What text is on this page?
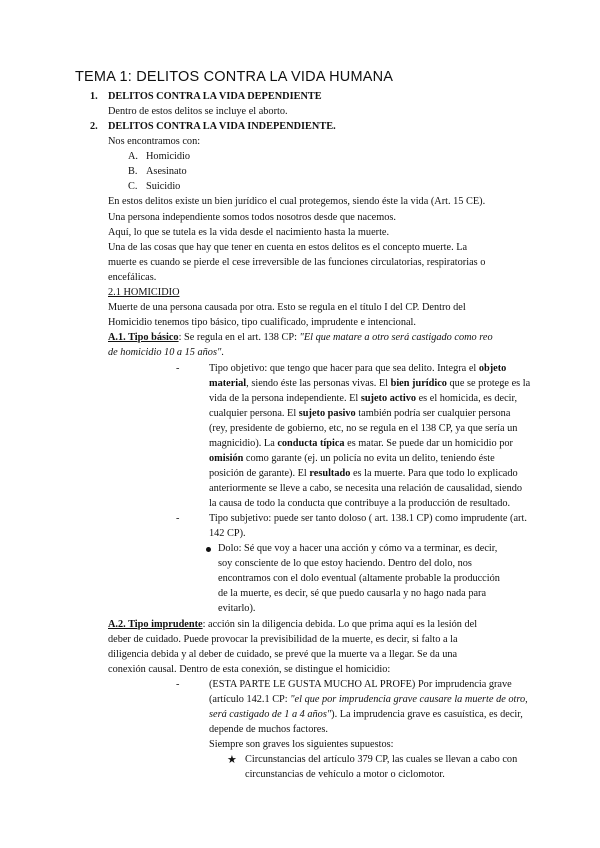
TEMA 1: DELITOS CONTRA LA VIDA HUMANA
1. DELITOS CONTRA LA VIDA DEPENDIENTE
Dentro de estos delitos se incluye el aborto.
2. DELITOS CONTRA LA VIDA INDEPENDIENTE.
Nos encontramos con:
A. Homicidio
B. Asesinato
C. Suicidio
En estos delitos existe un bien jurídico el cual protegemos, siendo éste la vida (Art. 15 CE).
Una persona independiente somos todos nosotros desde que nacemos.
Aquí, lo que se tutela es la vida desde el nacimiento hasta la muerte.
Una de las cosas que hay que tener en cuenta en estos delitos es el concepto muerte. La
muerte es cuando se pierde el cese irreversible de las funciones circulatorias, respiratorias o
encefálicas.
2.1 HOMICIDIO
Muerte de una persona causada por otra. Esto se regula en el título I del CP. Dentro del
Homicidio tenemos tipo básico, tipo cualificado, imprudente e intencional.
A.1. Tipo básico: Se regula en el art. 138 CP: "El que matare a otro será castigado como reo
de homicidio 10 a 15 años".
-	Tipo objetivo: que tengo que hacer para que sea delito. Integra el objeto
material, siendo éste las personas vivas. El bien jurídico que se protege es la
vida de la persona independiente. El sujeto activo es el homicida, es decir,
cualquier persona. El sujeto pasivo también podría ser cualquier persona
(rey, presidente de gobierno, etc, no se regula en el 138 CP, ya que sería un
magnicidio). La conducta típica es matar. Se puede dar un homicidio por
omisión como garante (ej. un policía no evita un delito, teniendo éste
posición de garante). El resultado es la muerte. Para que todo lo explicado
anteriormente se lleve a cabo, se necesita una relación de causalidad, siendo
la causa de todo la conducta que contribuye a la producción de resultado.
-	Tipo subjetivo: puede ser tanto doloso ( art. 138.1 CP) como imprudente (art.
142 CP).
Dolo: Sé que voy a hacer una acción y cómo va a terminar, es decir,
soy consciente de lo que estoy haciendo. Dentro del dolo, nos
encontramos con el dolo eventual (altamente probable la producción
de la muerte, es decir, sé que puedo causarla y no hago nada para
evitarlo).
A.2. Tipo imprudente: acción sin la diligencia debida. Lo que prima aquí es la lesión del
deber de cuidado. Puede provocar la previsibilidad de la muerte, es decir, si falto a la
diligencia debida y al deber de cuidado, se prevé que la muerte va a llegar. Se da una
conexión causal. Dentro de esta conexión, se distingue el homicidio:
-	(ESTA PARTE LE GUSTA MUCHO AL PROFE) Por imprudencia grave
(artículo 142.1 CP: "el que por imprudencia grave causare la muerte de otro,
será castigado de 1 a 4 años"). La imprudencia grave es casuística, es decir,
depende de muchos factores.
Siempre son graves los siguientes supuestos:
★ Circunstancias del artículo 379 CP, las cuales se llevan a cabo con
circunstancias de vehículo a motor o ciclomotor.
